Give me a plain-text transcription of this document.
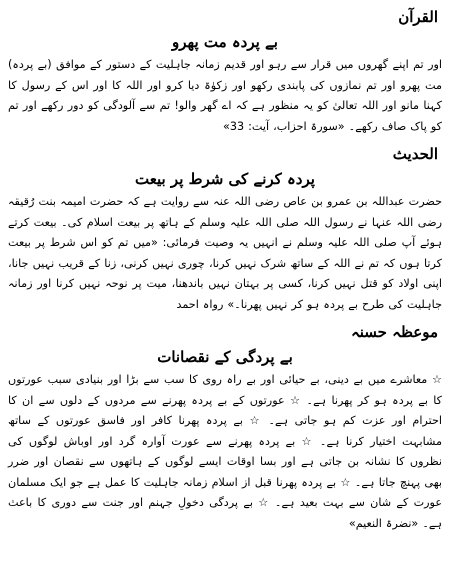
القرآن
بے پردہ مت پھرو

اور تم اپنے گھروں میں قرار سے رہو اور قدیم زمانہ جاہلیت کے دستور کے موافق (بے پردہ) مت پھرو اور تم نمازوں کی پابندی رکھو اور زکوٰۃ دیا کرو اور اللہ کا اور اس کے رسول کا کہنا مانو اور اللہ تعالیٰ کو یہ منظور ہے کہ اے گھر والو! تم سے آلودگی کو دور رکھے اور تم کو پاک صاف رکھے۔ «سورۃ احزاب، آیت: 33»

الحدیث
پردہ کرنے کی شرط پر بیعت

حضرت عبداللہ بن عمرو بن عاص رضی اللہ عنہ سے روایت ہے کہ حضرت امیمہ بنت رُقیقہ رضی اللہ عنہا نے رسول اللہ صلی اللہ علیہ وسلم کے ہاتھ پر بیعت اسلام کی۔ بیعت کرتے ہوئے آپ صلی اللہ علیہ وسلم نے انہیں یہ وصیت فرمائی: «میں تم کو اس شرط پر بیعت کرتا ہوں کہ تم نے اللہ کے ساتھ شرک نہیں کرنا، چوری نہیں کرنی، زنا کے قریب نہیں جانا، اپنی اولاد کو قتل نہیں کرنا، کسی پر بہتان نہیں باندھنا، میت پر نوحہ نہیں کرنا اور زمانہ جاہلیت کی طرح بے پردہ ہو کر نہیں پھرنا۔» رواہ احمد

موعظہ حسنہ
بے پردگی کے نقصانات

☆ معاشرے میں بے دینی، بے حیائی اور بے راہ روی کا سب سے بڑا اور بنیادی سبب عورتوں کا بے پردہ ہو کر پھرنا ہے۔ ☆ عورتوں کے بے پردہ پھرنے سے مردوں کے دلوں سے ان کا احترام اور عزت کم ہو جاتی ہے۔ ☆ بے پردہ پھرنا کافر اور فاسق عورتوں کے ساتھ مشابہت اختیار کرنا ہے۔ ☆ بے پردہ پھرنے سے عورت آوارہ گرد اور اوباش لوگوں کی نظروں کا نشانہ بن جاتی ہے اور بسا اوقات ایسے لوگوں کے ہاتھوں سے نقصان اور ضرر بھی پہنچ جاتا ہے۔ ☆ بے پردہ پھرنا قبل از اسلام زمانہ جاہلیت کا عمل ہے جو ایک مسلمان عورت کے شان سے بہت بعید ہے۔ ☆ بے پردگی دخولِ جہنم اور جنت سے دوری کا باعث ہے۔ «نضرۃ النعیم»
